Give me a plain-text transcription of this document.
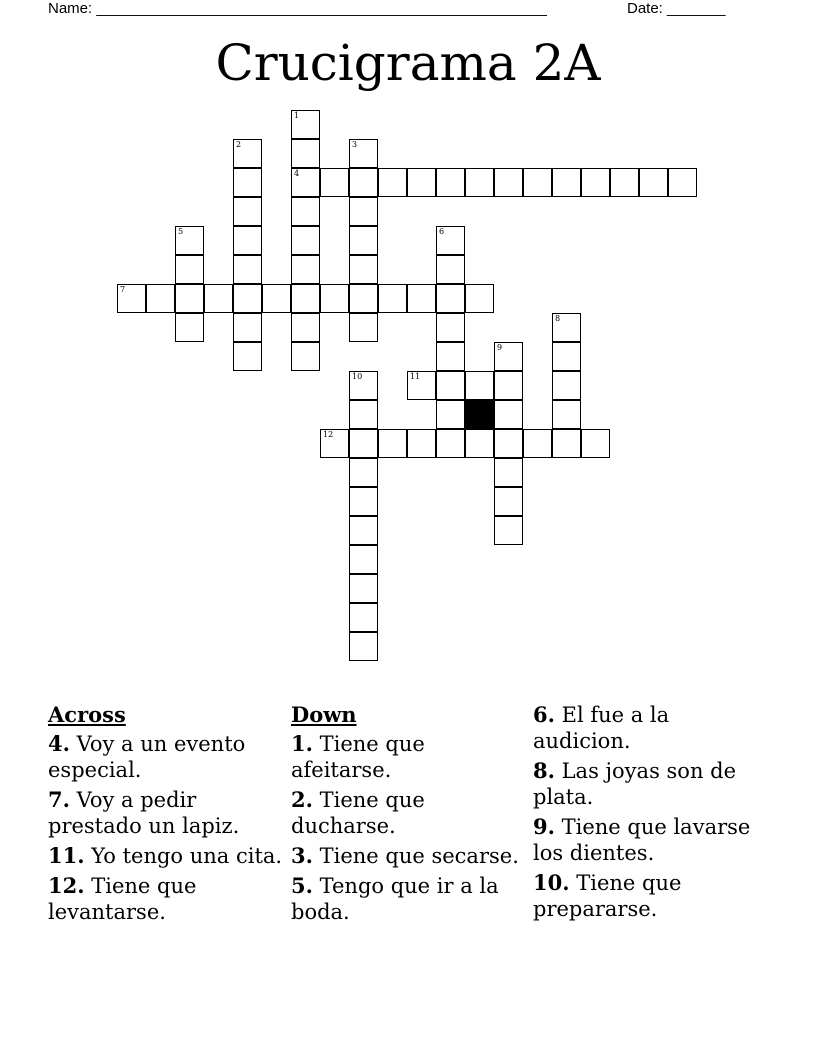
Name: ______________________________________________________	Date: _______
Crucigrama 2A
1
4
2	3
5	6
7
8
9
10	11
12
Across
4. Voy a un evento especial.
7. Voy a pedir prestado un lapiz.
11. Yo tengo una cita.
12. Tiene que levantarse.
Down
1. Tiene que afeitarse.
2. Tiene que ducharse.
3. Tiene que secarse.
5. Tengo que ir a la boda.
6. El fue a la audicion.
8. Las joyas son de plata.
9. Tiene que lavarse los dientes.
10. Tiene que prepararse.
